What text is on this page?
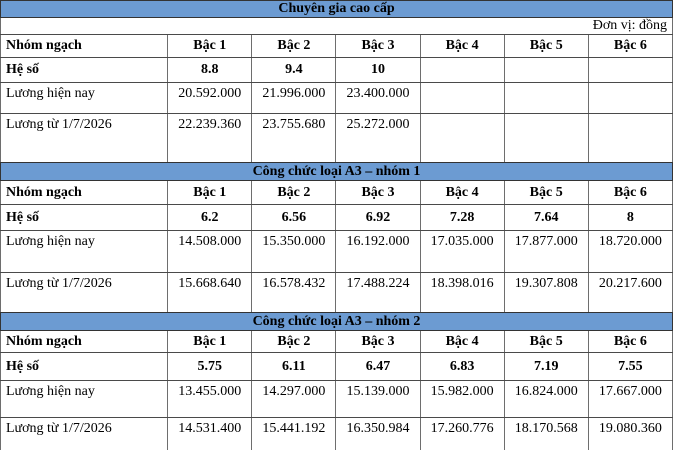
Chuyên gia cao cấp						
Đơn vị: đồng						
Nhóm ngạch	Bậc 1	Bậc 2	Bậc 3	Bậc 4	Bậc 5	Bậc 6
Hệ số	8.8	9.4	10			
Lương hiện nay	20.592.000	21.996.000	23.400.000			
Lương từ 1/7/2026	22.239.360	23.755.680	25.272.000			
Công chức loại A3 – nhóm 1						
Nhóm ngạch	Bậc 1	Bậc 2	Bậc 3	Bậc 4	Bậc 5	Bậc 6
Hệ số	6.2	6.56	6.92	7.28	7.64	8
Lương hiện nay	14.508.000	15.350.000	16.192.000	17.035.000	17.877.000	18.720.000
Lương từ 1/7/2026	15.668.640	16.578.432	17.488.224	18.398.016	19.307.808	20.217.600
Công chức loại A3 – nhóm 2						
Nhóm ngạch	Bậc 1	Bậc 2	Bậc 3	Bậc 4	Bậc 5	Bậc 6
Hệ số	5.75	6.11	6.47	6.83	7.19	7.55
Lương hiện nay	13.455.000	14.297.000	15.139.000	15.982.000	16.824.000	17.667.000
Lương từ 1/7/2026	14.531.400	15.441.192	16.350.984	17.260.776	18.170.568	19.080.360
